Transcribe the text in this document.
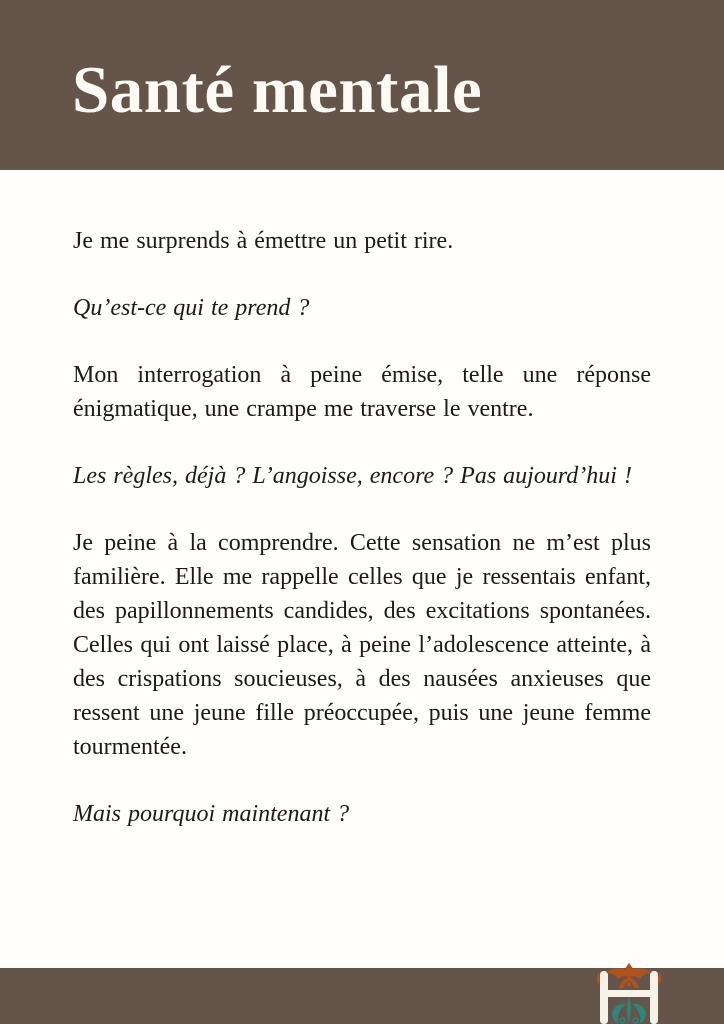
Santé mentale

Je me surprends à émettre un petit rire.

Qu’est-ce qui te prend ?

Mon interrogation à peine émise, telle une réponse énigmatique, une crampe me traverse le ventre.

Les règles, déjà ? L’angoisse, encore ? Pas aujourd’hui !

Je peine à la comprendre. Cette sensation ne m’est plus familière. Elle me rappelle celles que je ressentais enfant, des papillonnements candides, des excitations spontanées. Celles qui ont laissé place, à peine l’adolescence atteinte, à des crispations soucieuses, à des nausées anxieuses que ressent une jeune fille préoccupée, puis une jeune femme tourmentée.

Mais pourquoi maintenant ?
